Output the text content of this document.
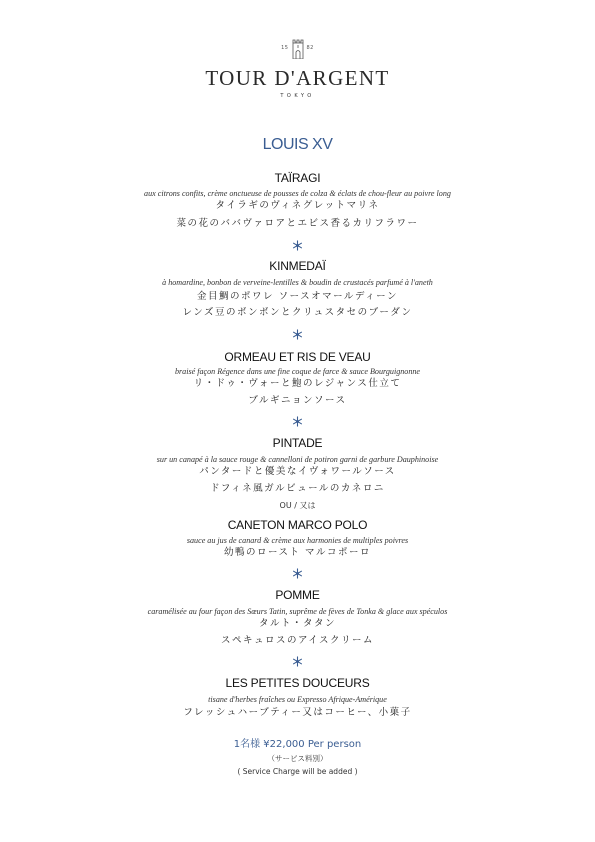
15	82
TOUR D'ARGENT
TOKYO
LOUIS XV
TAÏRAGI
aux citrons confits, crème onctueuse de pousses de colza & éclats de chou-fleur au poivre long
タイラギのヴィネグレットマリネ
菜の花のババヴァロアとエビス香るカリフラワー
KINMEDAÏ
à homardine, bonbon de verveine-lentilles & boudin de crustacés parfumé à l'aneth
金目鯛のポワレ ソースオマールディーン
レンズ豆のボンボンとクリュスタセのブーダン
ORMEAU ET RIS DE VEAU
braisé façon Régence dans une fine coque de farce & sauce Bourguignonne
リ・ドゥ・ヴォーと鮑のレジャンス仕立て
ブルギニョンソース
PINTADE
sur un canapé à la sauce rouge & cannelloni de potiron garni de garbure Dauphinoise
パンタードと優美なイヴォワールソース
ドフィネ風ガルビュールのカネロニ
OU / 又は
CANETON MARCO POLO
sauce au jus de canard & crème aux harmonies de multiples poivres
幼鴨のロースト マルコポーロ
POMME
caramélisée au four façon des Sœurs Tatin, suprême de fèves de Tonka & glace aux spéculos
タルト・タタン
スペキュロスのアイスクリーム
LES PETITES DOUCEURS
tisane d'herbes fraîches ou Expresso Afrique-Amérique
フレッシュハーブティー又はコーヒー、小菓子
1名様 ¥22,000 Per person
（サービス料別）
( Service Charge will be added )
